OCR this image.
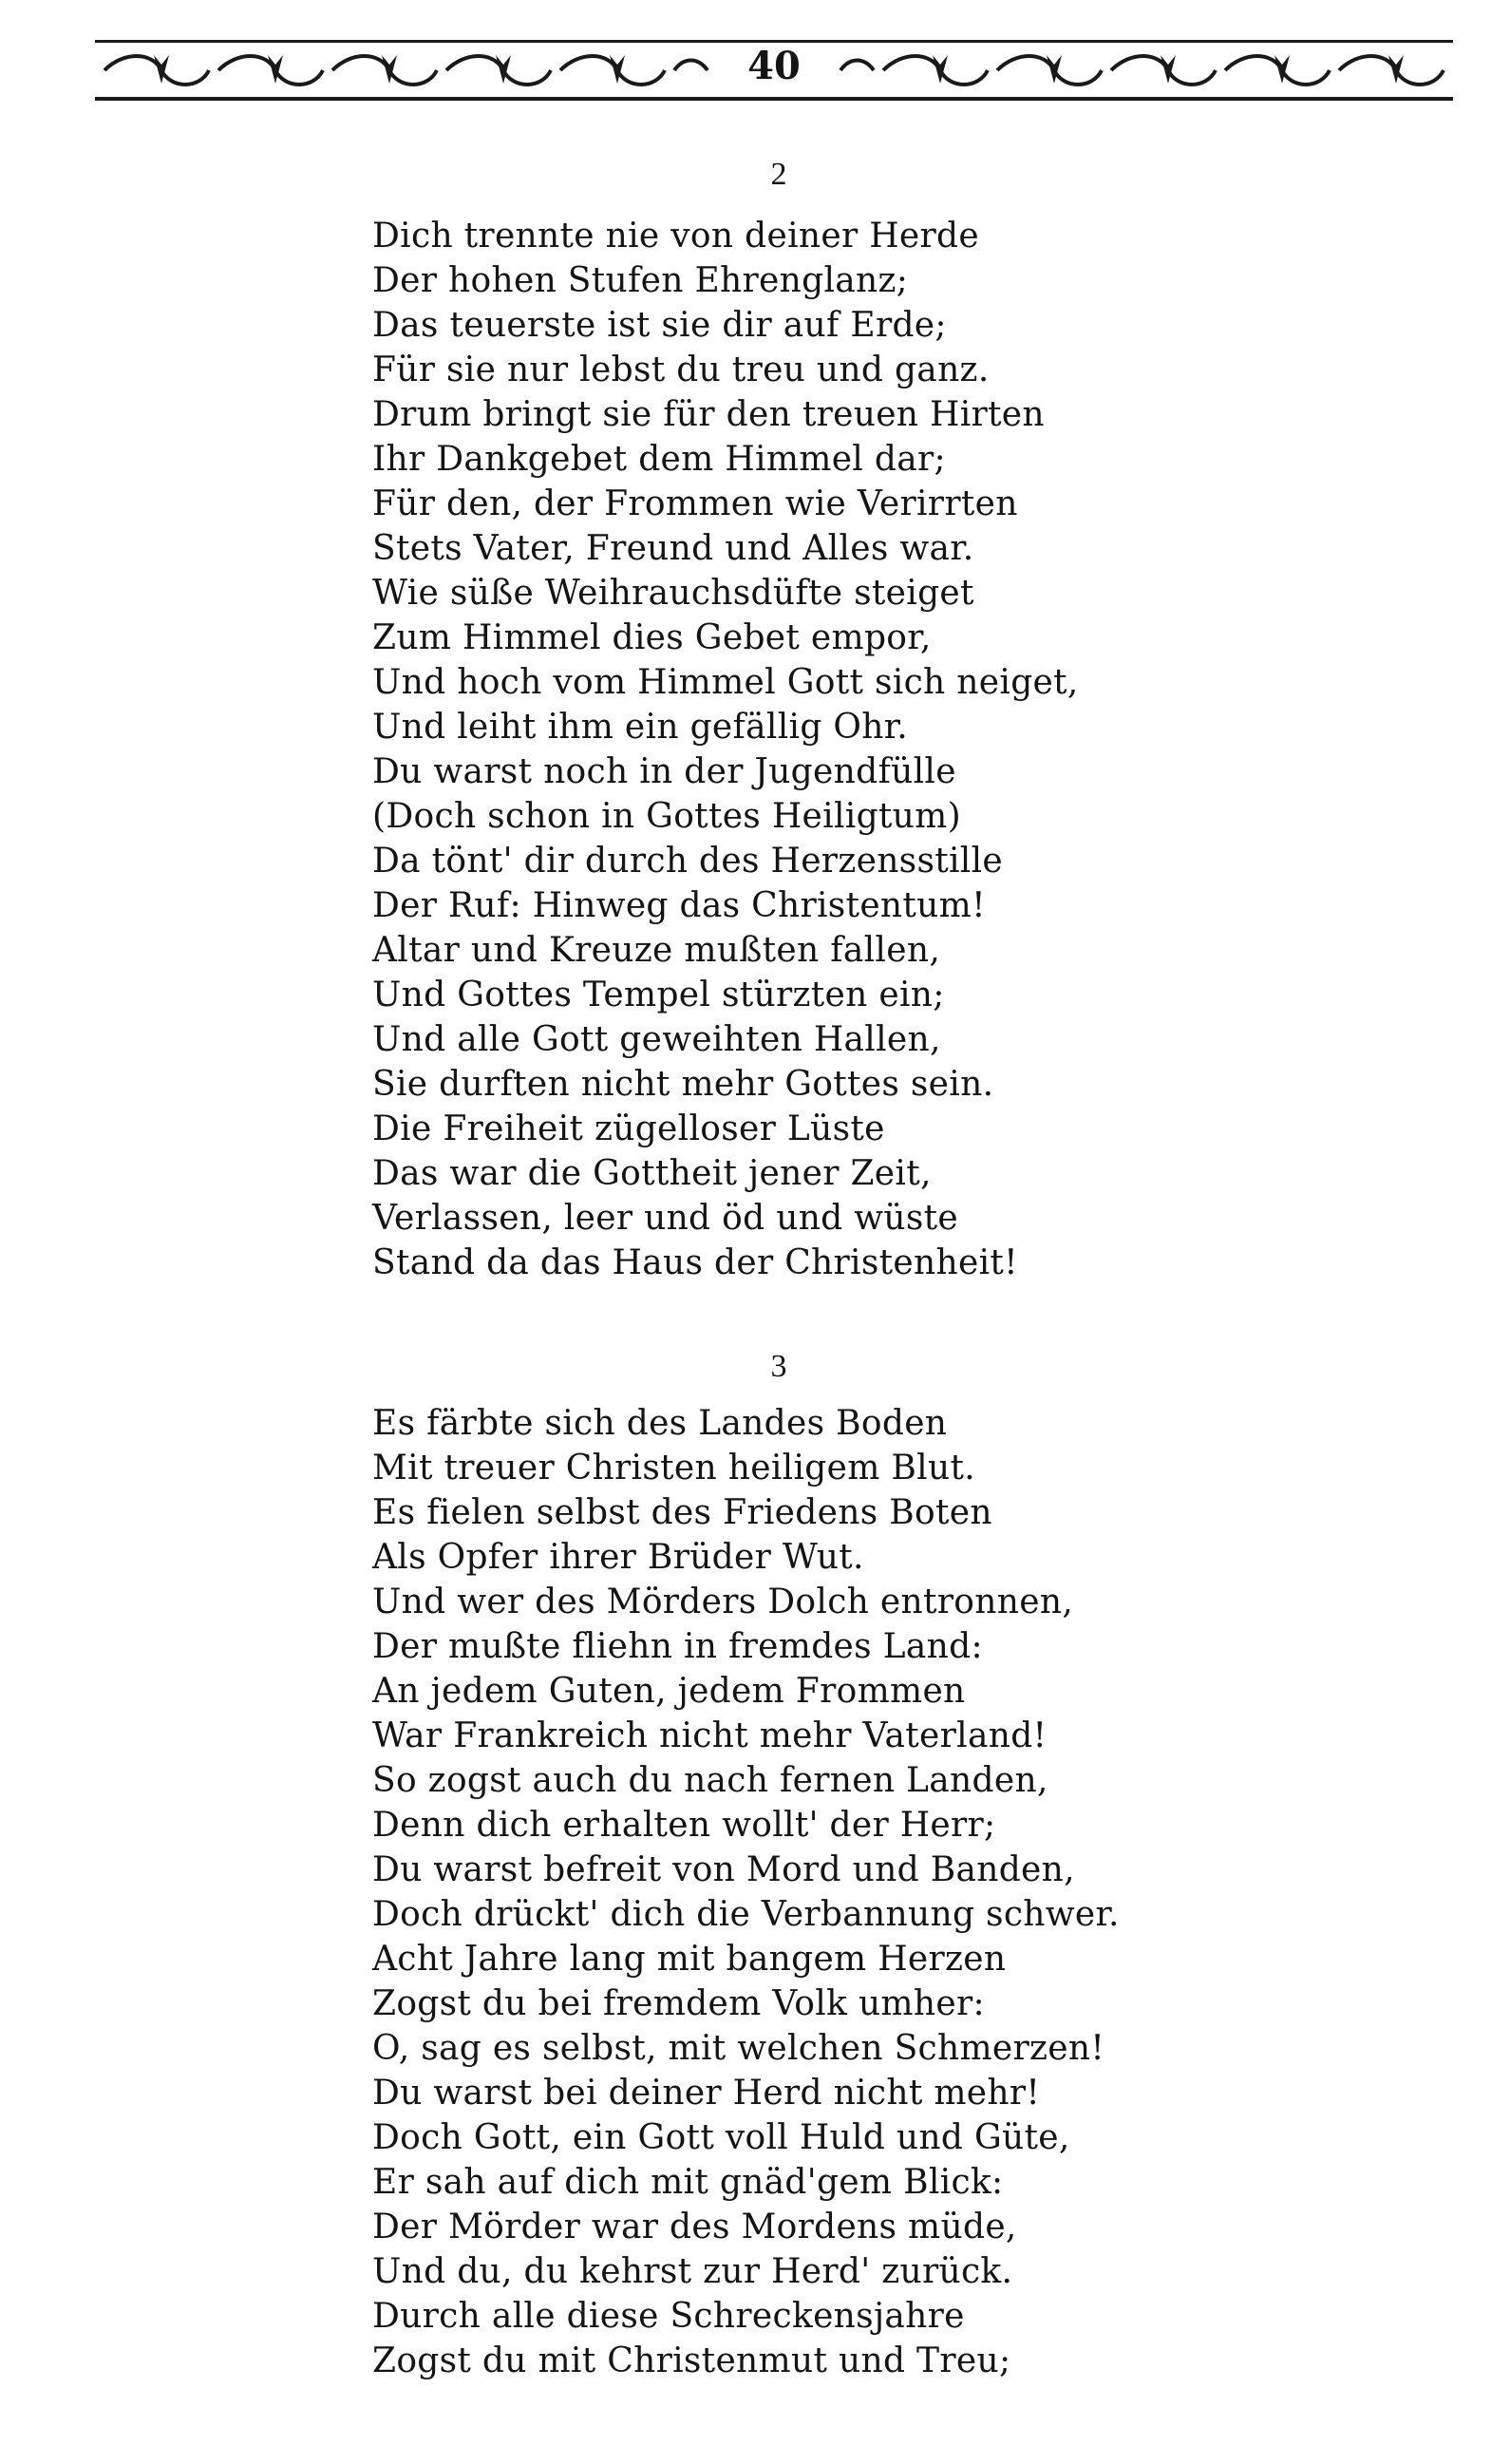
40
2
Dich trennte nie von deiner Herde
Der hohen Stufen Ehrenglanz;
Das teuerste ist sie dir auf Erde;
Für sie nur lebst du treu und ganz.
Drum bringt sie für den treuen Hirten
Ihr Dankgebet dem Himmel dar;
Für den, der Frommen wie Verirrten
Stets Vater, Freund und Alles war.
Wie süße Weihrauchsdüfte steiget
Zum Himmel dies Gebet empor,
Und hoch vom Himmel Gott sich neiget,
Und leiht ihm ein gefällig Ohr.
Du warst noch in der Jugendfülle
(Doch schon in Gottes Heiligtum)
Da tönt' dir durch des Herzensstille
Der Ruf: Hinweg das Christentum!
Altar und Kreuze mußten fallen,
Und Gottes Tempel stürzten ein;
Und alle Gott geweihten Hallen,
Sie durften nicht mehr Gottes sein.
Die Freiheit zügelloser Lüste
Das war die Gottheit jener Zeit,
Verlassen, leer und öd und wüste
Stand da das Haus der Christenheit!
3
Es färbte sich des Landes Boden
Mit treuer Christen heiligem Blut.
Es fielen selbst des Friedens Boten
Als Opfer ihrer Brüder Wut.
Und wer des Mörders Dolch entronnen,
Der mußte fliehn in fremdes Land:
An jedem Guten, jedem Frommen
War Frankreich nicht mehr Vaterland!
So zogst auch du nach fernen Landen,
Denn dich erhalten wollt' der Herr;
Du warst befreit von Mord und Banden,
Doch drückt' dich die Verbannung schwer.
Acht Jahre lang mit bangem Herzen
Zogst du bei fremdem Volk umher:
O, sag es selbst, mit welchen Schmerzen!
Du warst bei deiner Herd nicht mehr!
Doch Gott, ein Gott voll Huld und Güte,
Er sah auf dich mit gnäd'gem Blick:
Der Mörder war des Mordens müde,
Und du, du kehrst zur Herd' zurück.
Durch alle diese Schreckensjahre
Zogst du mit Christenmut und Treu;
